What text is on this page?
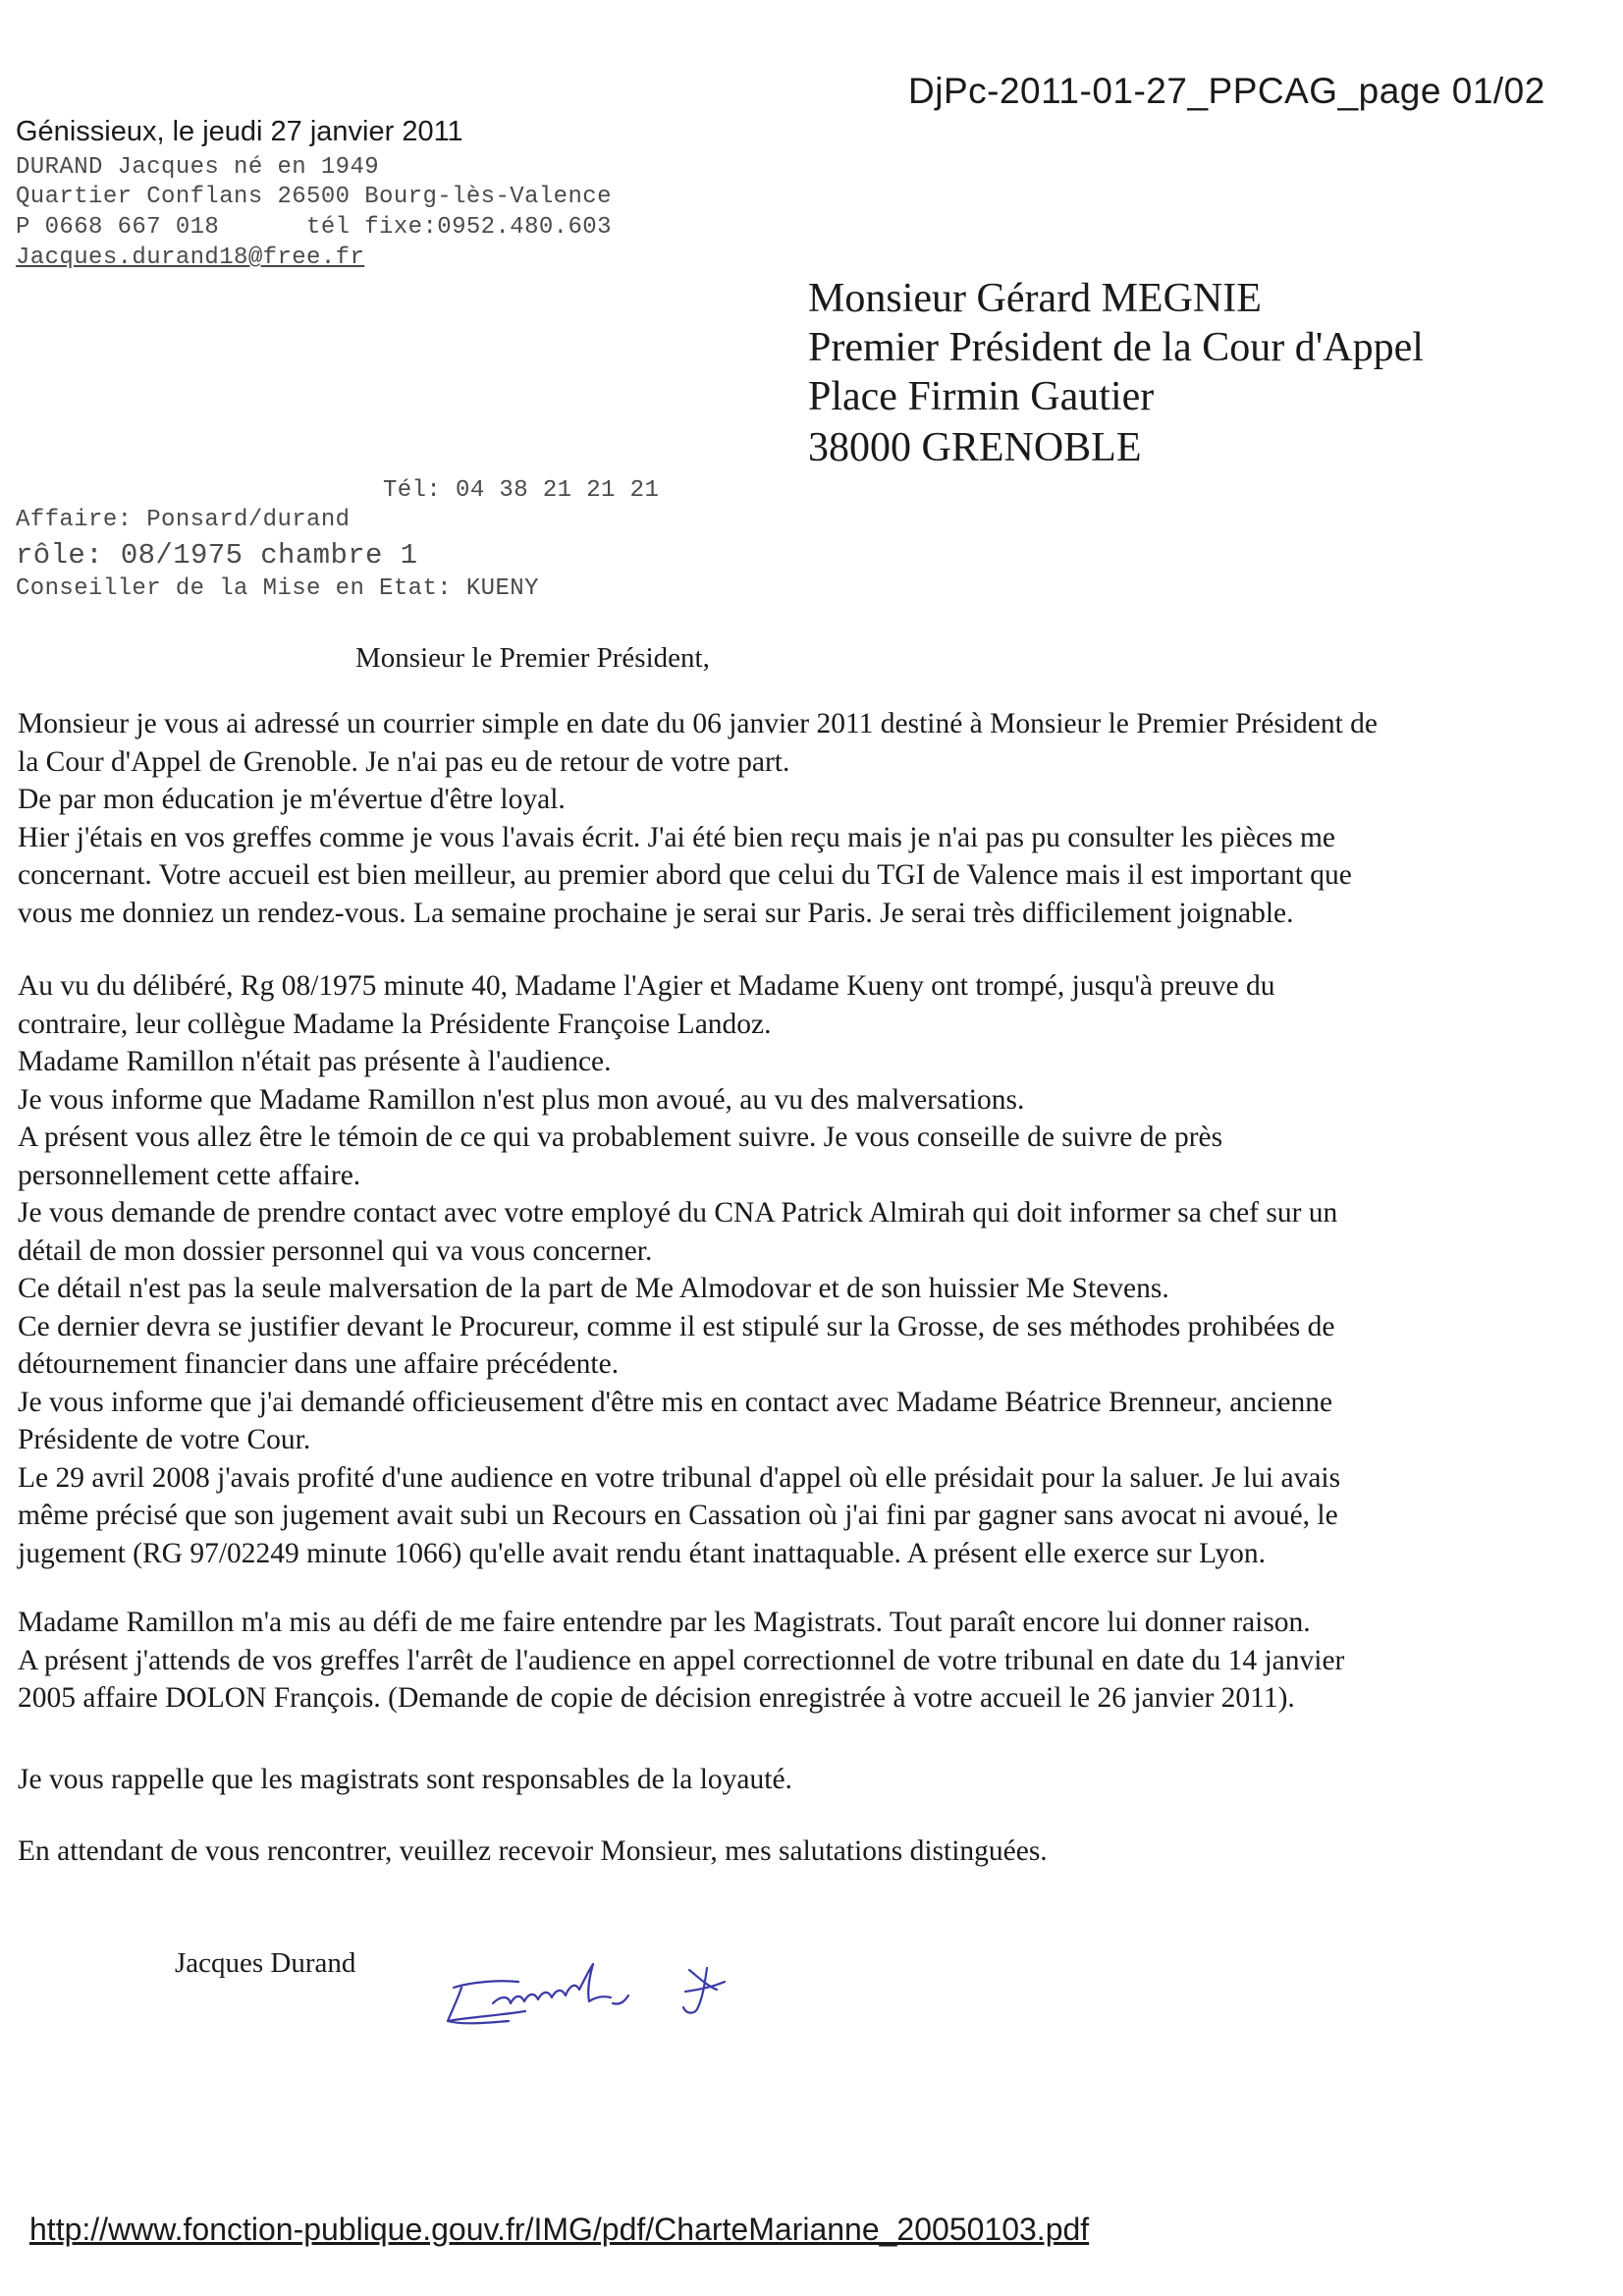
DjPc-2011-01-27_PPCAG_page 01/02
Génissieux, le jeudi 27 janvier 2011
DURAND Jacques né en 1949
Quartier Conflans 26500 Bourg-lès-Valence
P 0668 667 018      tél fixe:0952.480.603
Jacques.durand18@free.fr
Monsieur Gérard MEGNIE
Premier Président de la Cour d'Appel
Place Firmin Gautier
38000 GRENOBLE
Tél: 04 38 21 21 21
Affaire: Ponsard/durand
rôle: 08/1975 chambre 1
Conseiller de la Mise en Etat: KUENY
Monsieur le Premier Président,

Monsieur je vous ai adressé un courrier simple en date du 06 janvier 2011 destiné à Monsieur le Premier Président de

la Cour d'Appel de Grenoble. Je n'ai pas eu de retour de votre part.

De par mon éducation je m'évertue d'être loyal.

Hier j'étais en vos greffes comme je vous l'avais écrit. J'ai été bien reçu mais je n'ai pas pu consulter les pièces me

concernant. Votre accueil est bien meilleur, au premier abord que celui du TGI de Valence mais il est important que

vous me donniez un rendez-vous. La semaine prochaine je serai sur Paris. Je serai très difficilement joignable.

Au vu du délibéré, Rg 08/1975 minute 40, Madame l'Agier et Madame Kueny ont trompé, jusqu'à preuve du

contraire, leur collègue Madame la Présidente Françoise Landoz.

Madame Ramillon n'était pas présente à l'audience.

Je vous informe que Madame Ramillon n'est plus mon avoué, au vu des malversations.

A présent vous allez être le témoin de ce qui va probablement suivre. Je vous conseille de suivre de près

personnellement cette affaire.

Je vous demande de prendre contact avec votre employé du CNA Patrick Almirah qui doit informer sa chef sur un

détail de mon dossier personnel qui va vous concerner.

Ce détail n'est pas la seule malversation de la part de Me Almodovar et de son huissier Me Stevens.

Ce dernier devra se justifier devant le Procureur, comme il est stipulé sur la Grosse, de ses méthodes prohibées de

détournement financier dans une affaire précédente.

Je vous informe que j'ai demandé officieusement d'être mis en contact avec Madame Béatrice Brenneur, ancienne

Présidente de votre Cour.

Le 29 avril 2008 j'avais profité d'une audience en votre tribunal d'appel où elle présidait pour la saluer. Je lui avais

même précisé que son jugement avait subi un Recours en Cassation où j'ai fini par gagner sans avocat ni avoué, le

jugement (RG 97/02249 minute 1066) qu'elle avait rendu étant inattaquable. A présent elle exerce sur Lyon.

Madame Ramillon m'a mis au défi de me faire entendre par les Magistrats. Tout paraît encore lui donner raison.

A présent j'attends de vos greffes l'arrêt de l'audience en appel correctionnel de votre tribunal en date du 14 janvier

2005 affaire DOLON François. (Demande de copie de décision enregistrée à votre accueil le 26 janvier 2011).

Je vous rappelle que les magistrats sont responsables de la loyauté.

En attendant de vous rencontrer, veuillez recevoir Monsieur, mes salutations distinguées.

Jacques Durand
http://www.fonction-publique.gouv.fr/IMG/pdf/CharteMarianne_20050103.pdf
